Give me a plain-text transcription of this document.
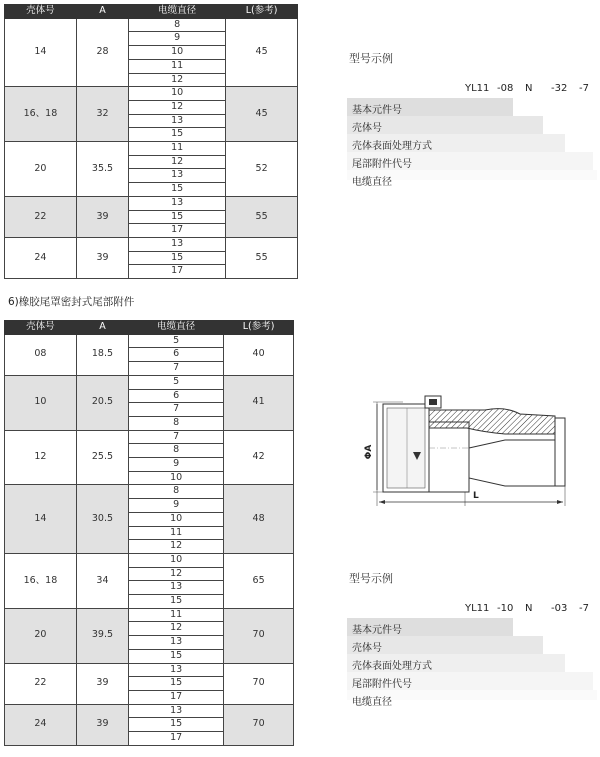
壳体号	A	电缆直径	L(参考)
14	28	8	45
		9	
		10	
		11	
		12	
16、18	32	10	45
		12	
		13	
		15	
20	35.5	11	52
		12	
		13	
		15	
22	39	13	55
		15	
		17	
24	39	13	55
		15	
		17	
6)橡胶尾罩密封式尾部附件
壳体号	A	电缆直径	L(参考)
08	18.5	5	40
		6	
		7	
10	20.5	5	41
		6	
		7	
		8	
12	25.5	7	42
		8	
		9	
		10	
14	30.5	8	48
		9	
		10	
		11	
		12	
16、18	34	10	65
		12	
		13	
		15	
20	39.5	11	70
		12	
		13	
		15	
22	39	13	70
		15	
		17	
24	39	13	70
		15	
		17	
型号示例
YL11 -08 N -32 -7
基本元件号
壳体号
壳体表面处理方式
尾部附件代号
电缆直径
型号示例
YL11 -10 N -03 -7
基本元件号
壳体号
壳体表面处理方式
尾部附件代号
电缆直径
ΦA
L
